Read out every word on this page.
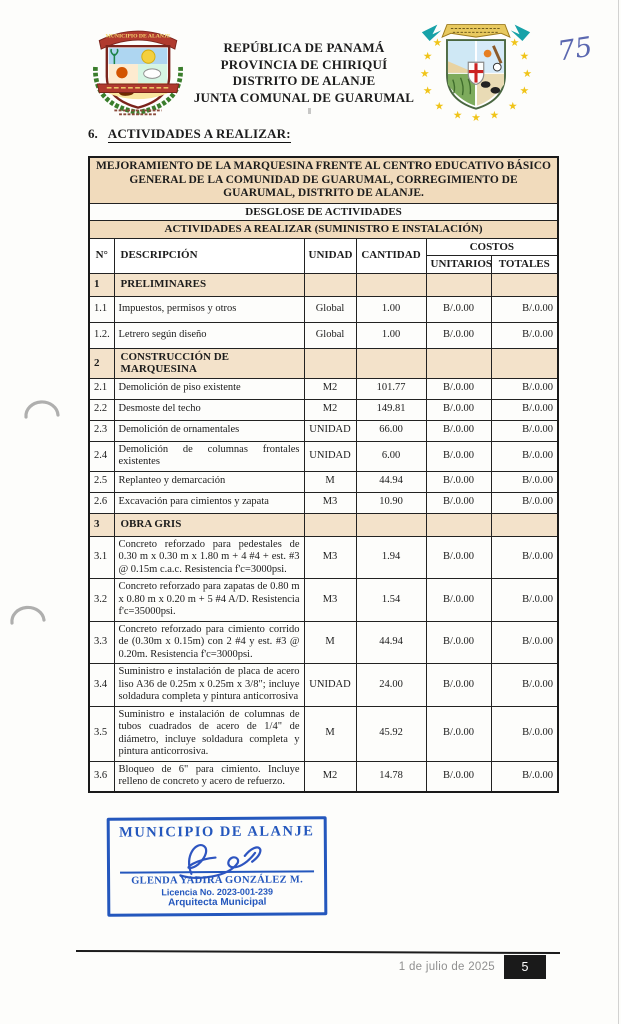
MUNICIPIO DE ALANJE
REPÚBLICA DE PANAMÁ
PROVINCIA DE CHIRIQUÍ
DISTRITO DE ALANJE
JUNTA COMUNAL DE GUARUMAL
★
★
★
★
★
★
★
★ ★ ★
★
★	★ 75
6. ACTIVIDADES A REALIZAR:
MEJORAMIENTO DE LA MARQUESINA FRENTE AL CENTRO EDUCATIVO BÁSICO GENERAL DE LA COMUNIDAD DE GUARUMAL, CORREGIMIENTO DE GUARUMAL, DISTRITO DE ALANJE.					
DESGLOSE DE ACTIVIDADES					
ACTIVIDADES A REALIZAR (SUMINISTRO E INSTALACIÓN)					
N°	DESCRIPCIÓN	UNIDAD	CANTIDAD	COSTOS	
				UNITARIOS	TOTALES
1	PRELIMINARES				
1.1	Impuestos, permisos y otros	Global	1.00	B/.0.00	B/.0.00
1.2.	Letrero según diseño	Global	1.00	B/.0.00	B/.0.00
2	CONSTRUCCIÓN DE MARQUESINA				
2.1	Demolición de piso existente	M2	101.77	B/.0.00	B/.0.00
2.2	Desmoste del techo	M2	149.81	B/.0.00	B/.0.00
2.3	Demolición de ornamentales	UNIDAD	66.00	B/.0.00	B/.0.00
2.4	Demolición de columnas frontales existentes	UNIDAD	6.00	B/.0.00	B/.0.00
2.5	Replanteo y demarcación	M	44.94	B/.0.00	B/.0.00
2.6	Excavación para cimientos y zapata	M3	10.90	B/.0.00	B/.0.00
3	OBRA GRIS				
3.1	Concreto reforzado para pedestales de 0.30 m x 0.30 m x 1.80 m + 4 #4 + est. #3 @ 0.15m c.a.c. Resistencia f'c=3000psi.	M3	1.94	B/.0.00	B/.0.00
3.2	Concreto reforzado para zapatas de 0.80 m x 0.80 m x 0.20 m + 5 #4 A/D. Resistencia f'c=35000psi.	M3	1.54	B/.0.00	B/.0.00
3.3	Concreto reforzado para cimiento corrido de (0.30m x 0.15m) con 2 #4 y est. #3 @ 0.20m. Resistencia f'c=3000psi.	M	44.94	B/.0.00	B/.0.00
3.4	Suministro e instalación de placa de acero liso A36 de 0.25m x 0.25m x 3/8"; incluye soldadura completa y pintura anticorrosiva	UNIDAD	24.00	B/.0.00	B/.0.00
3.5	Suministro e instalación de columnas de tubos cuadrados de acero de 1/4" de diámetro, incluye soldadura completa y pintura anticorrosiva.	M	45.92	B/.0.00	B/.0.00
3.6	Bloqueo de 6" para cimiento. Incluye relleno de concreto y acero de refuerzo.	M2	14.78	B/.0.00	B/.0.00
MUNICIPIO DE ALANJE
GLENDA YADIRA GONZÁLEZ M.
Licencia No. 2023-001-239
Arquitecta Municipal
1 de julio de 2025	5
